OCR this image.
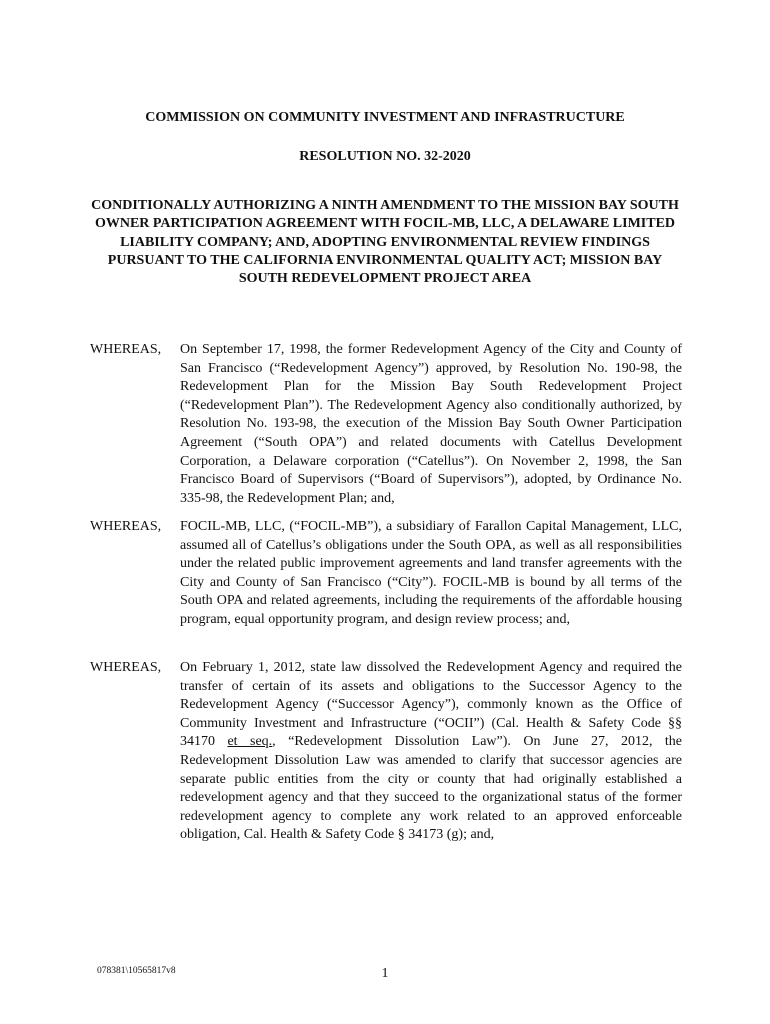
COMMISSION ON COMMUNITY INVESTMENT AND INFRASTRUCTURE
RESOLUTION NO. 32-2020
CONDITIONALLY AUTHORIZING A NINTH AMENDMENT TO THE MISSION BAY SOUTH OWNER PARTICIPATION AGREEMENT WITH FOCIL-MB, LLC, A DELAWARE LIMITED LIABILITY COMPANY; AND, ADOPTING ENVIRONMENTAL REVIEW FINDINGS PURSUANT TO THE CALIFORNIA ENVIRONMENTAL QUALITY ACT; MISSION BAY SOUTH REDEVELOPMENT PROJECT AREA
WHEREAS,	On September 17, 1998, the former Redevelopment Agency of the City and County of San Francisco (“Redevelopment Agency”) approved, by Resolution No. 190-98, the Redevelopment Plan for the Mission Bay South Redevelopment Project (“Redevelopment Plan”). The Redevelopment Agency also conditionally authorized, by Resolution No. 193-98, the execution of the Mission Bay South Owner Participation Agreement (“South OPA”) and related documents with Catellus Development Corporation, a Delaware corporation (“Catellus”). On November 2, 1998, the San Francisco Board of Supervisors (“Board of Supervisors”), adopted, by Ordinance No. 335-98, the Redevelopment Plan; and,
WHEREAS,	FOCIL-MB, LLC, (“FOCIL-MB”), a subsidiary of Farallon Capital Management, LLC, assumed all of Catellus’s obligations under the South OPA, as well as all responsibilities under the related public improvement agreements and land transfer agreements with the City and County of San Francisco (“City”). FOCIL-MB is bound by all terms of the South OPA and related agreements, including the requirements of the affordable housing program, equal opportunity program, and design review process; and,
WHEREAS,	On February 1, 2012, state law dissolved the Redevelopment Agency and required the transfer of certain of its assets and obligations to the Successor Agency to the Redevelopment Agency (“Successor Agency”), commonly known as the Office of Community Investment and Infrastructure (“OCII”) (Cal. Health & Safety Code §§ 34170 et seq., “Redevelopment Dissolution Law”). On June 27, 2012, the Redevelopment Dissolution Law was amended to clarify that successor agencies are separate public entities from the city or county that had originally established a redevelopment agency and that they succeed to the organizational status of the former redevelopment agency to complete any work related to an approved enforceable obligation, Cal. Health & Safety Code § 34173 (g); and,
078381\10565817v8	1
